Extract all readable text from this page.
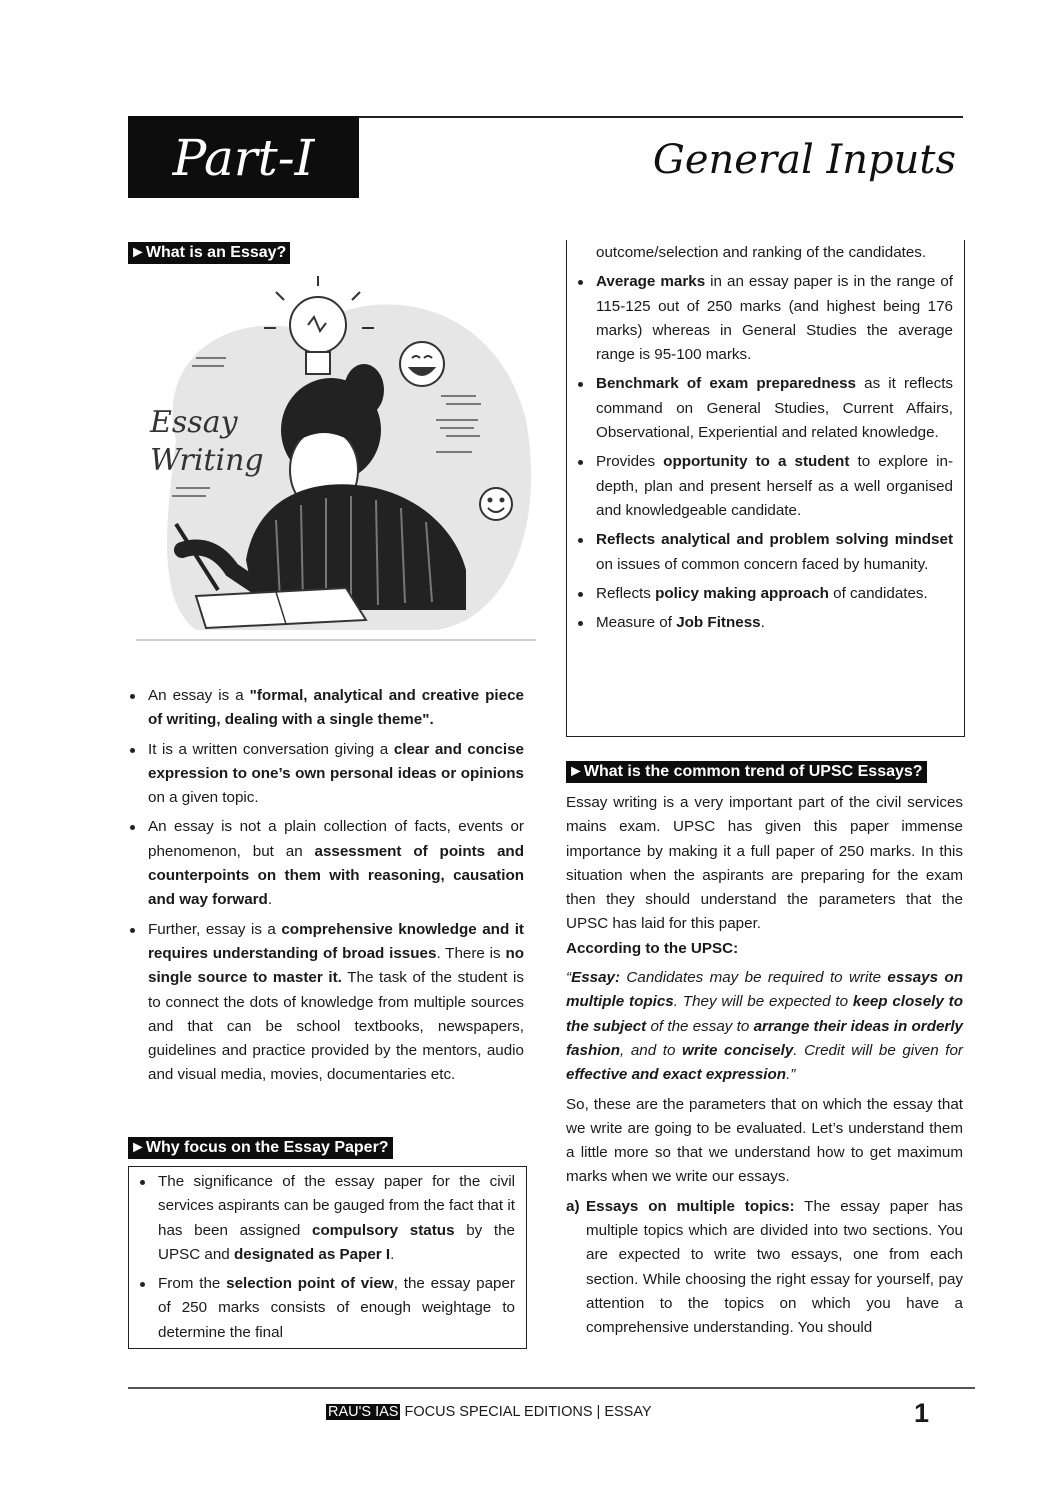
Part-I	General Inputs
►What is an Essay?
Essay
Writing
An essay is a "formal, analytical and creative piece of writing, dealing with a single theme".
It is a written conversation giving a clear and concise expression to one’s own personal ideas or opinions on a given topic.
An essay is not a plain collection of facts, events or phenomenon, but an assessment of points and counterpoints on them with reasoning, causation and way forward.
Further, essay is a comprehensive knowledge and it requires understanding of broad issues. There is no single source to master it. The task of the student is to connect the dots of knowledge from multiple sources and that can be school textbooks, newspapers, guidelines and practice provided by the mentors, audio and visual media, movies, documentaries etc.
►Why focus on the Essay Paper?
The significance of the essay paper for the civil services aspirants can be gauged from the fact that it has been assigned compulsory status by the UPSC and designated as Paper I.
From the selection point of view, the essay paper of 250 marks consists of enough weightage to determine the final
outcome/selection and ranking of the candidates.
Average marks in an essay paper is in the range of 115-125 out of 250 marks (and highest being 176 marks) whereas in General Studies the average range is 95-100 marks.
Benchmark of exam preparedness as it reflects command on General Studies, Current Affairs, Observational, Experiential and related knowledge.
Provides opportunity to a student to explore in-depth, plan and present herself as a well organised and knowledgeable candidate.
Reflects analytical and problem solving mindset on issues of common concern faced by humanity.
Reflects policy making approach of candidates.
Measure of Job Fitness.
►What is the common trend of UPSC Essays?

Essay writing is a very important part of the civil services mains exam. UPSC has given this paper immense importance by making it a full paper of 250 marks. In this situation when the aspirants are preparing for the exam then they should understand the parameters that the UPSC has laid for this paper.

According to the UPSC:

“Essay: Candidates may be required to write essays on multiple topics. They will be expected to keep closely to the subject of the essay to arrange their ideas in orderly fashion, and to write concisely. Credit will be given for effective and exact expression.”

So, these are the parameters that on which the essay that we write are going to be evaluated. Let’s understand them a little more so that we understand how to get maximum marks when we write our essays.

a) Essays on multiple topics: The essay paper has multiple topics which are divided into two sections. You are expected to write two essays, one from each section. While choosing the right essay for yourself, pay attention to the topics on which you have a comprehensive understanding. You should
RAU'S IAS FOCUS SPECIAL EDITIONS | ESSAY	1
